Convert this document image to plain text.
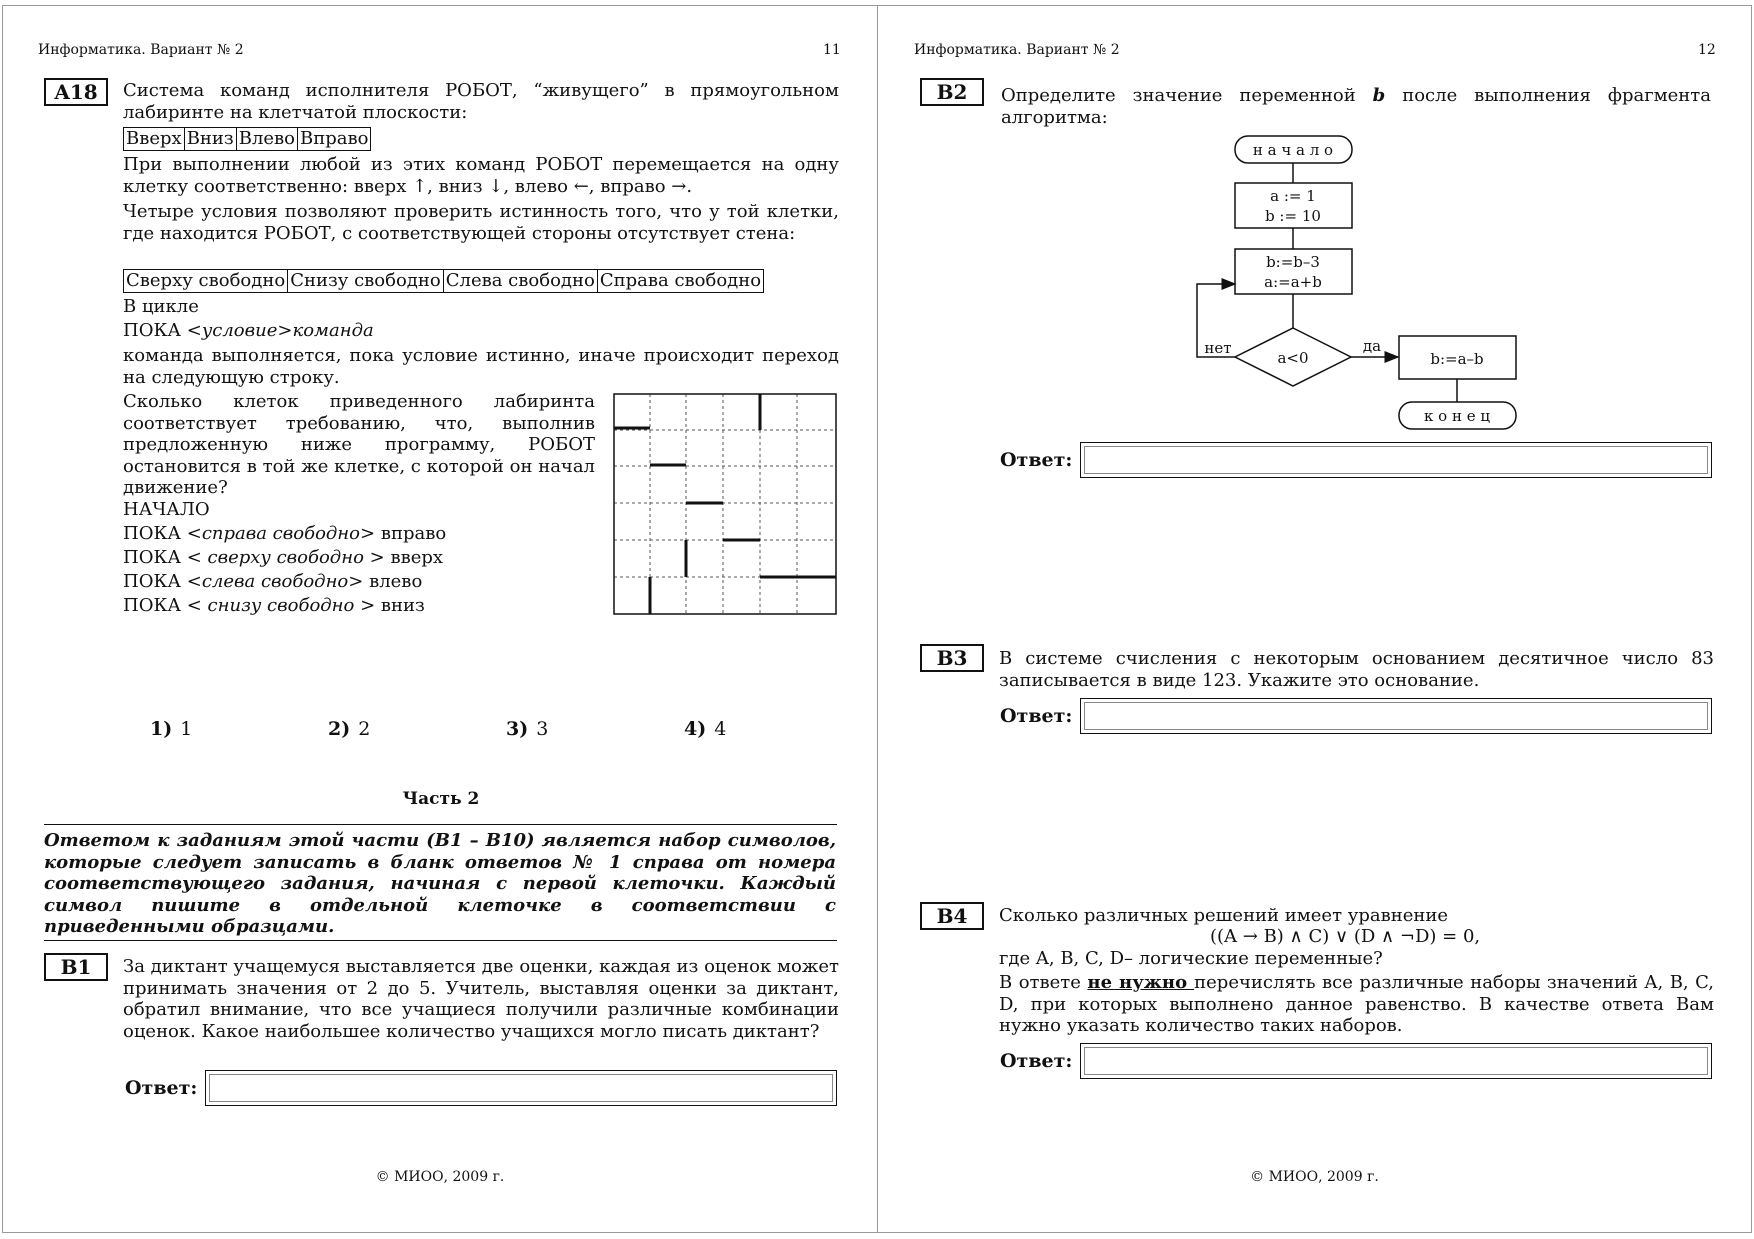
Информатика. Вариант № 2	11
A18	Система команд исполнителя РОБОТ, “живущего” в прямоугольном лабиринте на клетчатой плоскости:
Вверх Вниз Влево Вправо
При выполнении любой из этих команд РОБОТ перемещается на одну клетку соответственно: вверх ↑, вниз ↓, влево ←, вправо →.
Четыре условия позволяют проверить истинность того, что у той клетки, где находится РОБОТ, с соответствующей стороны отсутствует стена:
Сверху свободно Снизу свободно Слева свободно Справа свободно
В цикле
ПОКА <условие>команда
команда выполняется, пока условие истинно, иначе происходит переход на следующую строку.
Сколько клеток приведенного лабиринта соответствует требованию, что, выполнив предложенную ниже программу, РОБОТ остановится в той же клетке, с которой он начал движение?
НАЧАЛО
ПОКА <справа свободно> вправо
ПОКА < сверху свободно > вверх
ПОКА <слева свободно> влево
ПОКА < снизу свободно > вниз
1) 1	2) 2	3) 3	4) 4
Часть 2
Ответом к заданиям этой части (В1 – В10) является набор символов, которые следует записать в бланк ответов № 1 справа от номера соответствующего задания, начиная с первой клеточки. Каждый символ пишите в отдельной клеточке в соответствии с приведенными образцами.
B1	За диктант учащемуся выставляется две оценки, каждая из оценок может принимать значения от 2 до 5. Учитель, выставляя оценки за диктант, обратил внимание, что все учащиеся получили различные комбинации оценок. Какое наибольшее количество учащихся могло писать диктант?
Ответ:
© МИОО, 2009 г.
Информатика. Вариант № 2	12
B2	Определите значение переменной b после выполнения фрагмента алгоритма:
н а ч а л о
a := 1
b := 10
b:=b–3
a:=a+b
a<0
нет	да
b:=a–b
к о н е ц
Ответ:
B3	В системе счисления с некоторым основанием десятичное число 83 записывается в виде 123. Укажите это основание.
Ответ:
B4	Сколько различных решений имеет уравнение
((A → B) ∧ C) ∨ (D ∧ ¬D) = 0,
где A, B, C, D– логические переменные?
В ответе не нужно перечислять все различные наборы значений A, B, C, D, при которых выполнено данное равенство. В качестве ответа Вам нужно указать количество таких наборов.
Ответ:
© МИОО, 2009 г.
